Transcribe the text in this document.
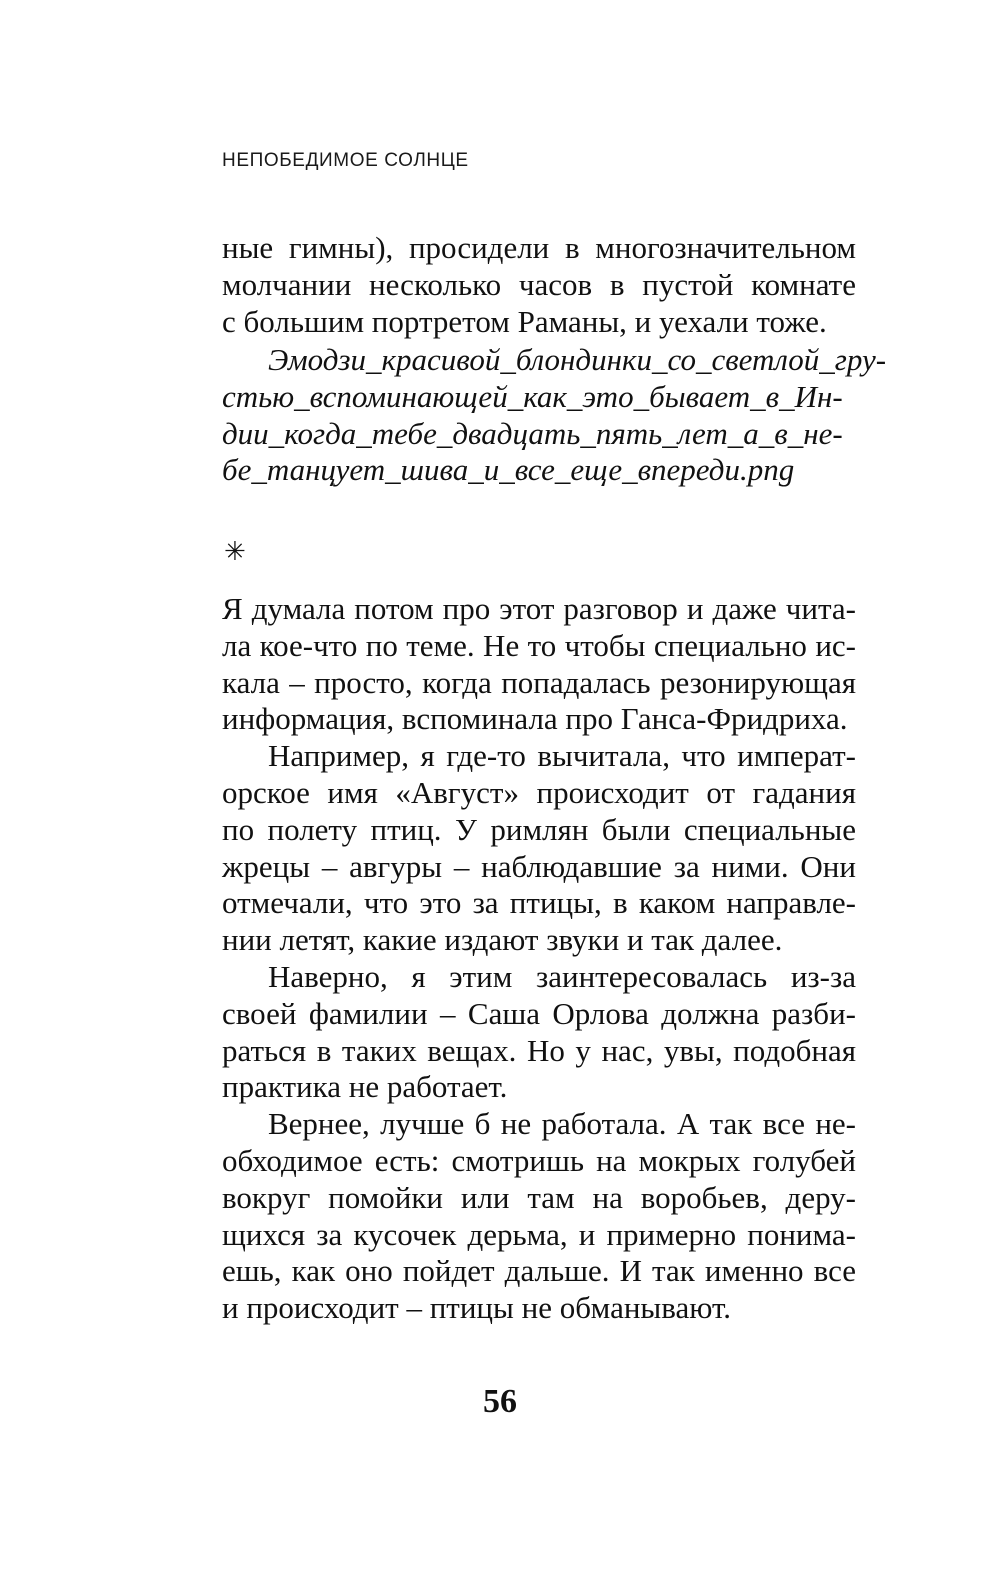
НЕПОБЕДИМОЕ СОЛНЦЕ
ные гимны), просидели в многозначительном
молчании несколько часов в пустой комнате
с большим портретом Раманы, и уехали тоже.
Эмодзи_красивой_блондинки_со_светлой_гру-
стью_вспоминающей_как_это_бывает_в_Ин-
дии_когда_тебе_двадцать_пять_лет_а_в_не-
бе_танцует_шива_и_все_еще_впереди.png
✳
Я думала потом про этот разговор и даже чита-
ла кое-что по теме. Не то чтобы специально ис-
кала – просто, когда попадалась резонирующая
информация, вспоминала про Ганса-Фридриха.
Например, я где-то вычитала, что императ-
орское имя «Август» происходит от гадания
по полету птиц. У римлян были специальные
жрецы – авгуры – наблюдавшие за ними. Они
отмечали, что это за птицы, в каком направле-
нии летят, какие издают звуки и так далее.
Наверно, я этим заинтересовалась из-за
своей фамилии – Саша Орлова должна разби-
раться в таких вещах. Но у нас, увы, подобная
практика не работает.
Вернее, лучше б не работала. А так все не-
обходимое есть: смотришь на мокрых голубей
вокруг помойки или там на воробьев, деру-
щихся за кусочек дерьма, и примерно понима-
ешь, как оно пойдет дальше. И так именно все
и происходит – птицы не обманывают.
56
